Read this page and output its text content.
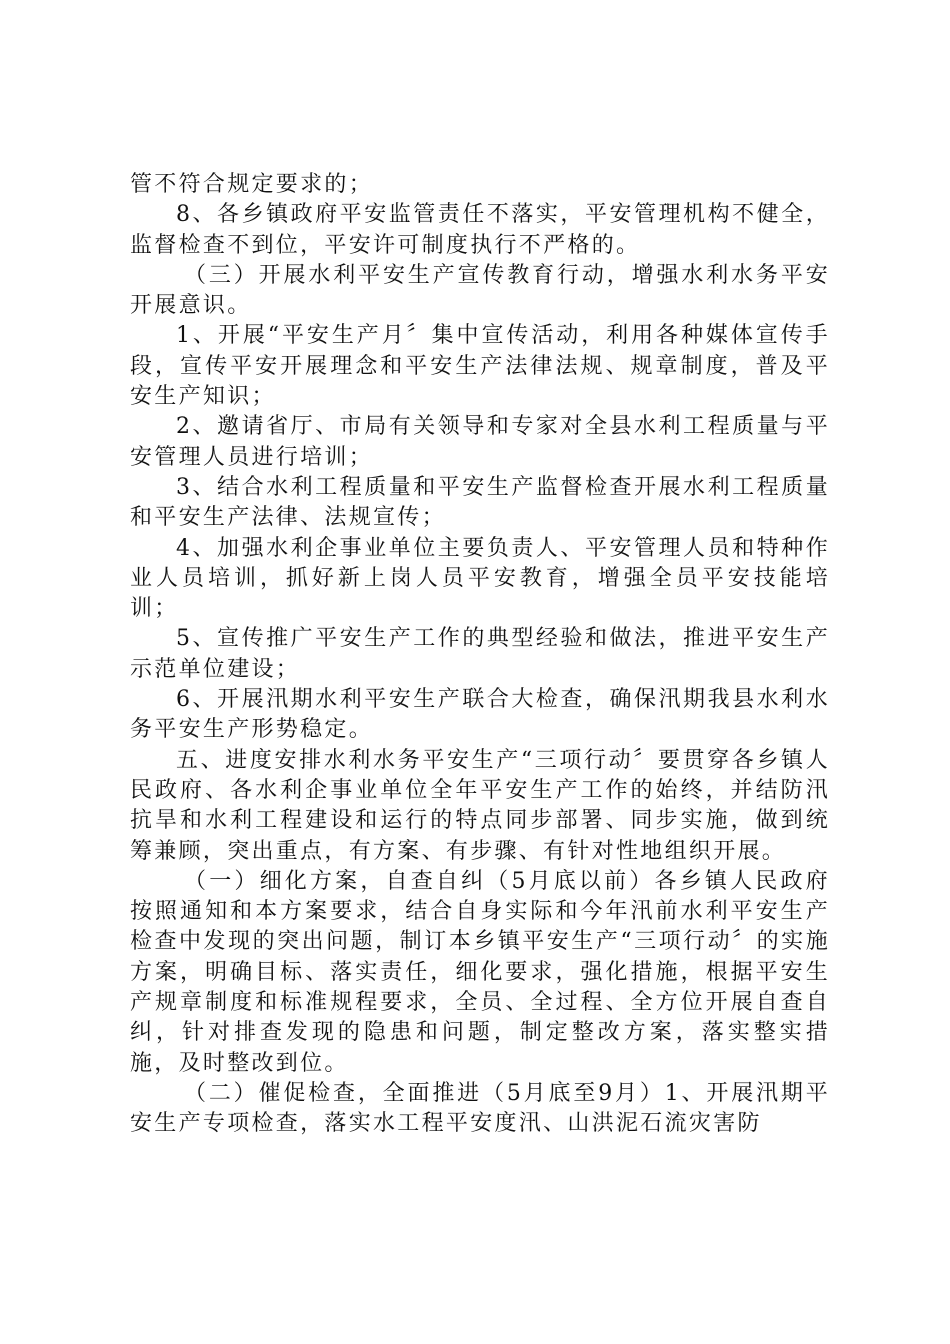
管不符合规定要求的；

8、各乡镇政府平安监管责任不落实，平安管理机构不健全，监督检查不到位，平安许可制度执行不严格的。

（三）开展水利平安生产宣传教育行动，增强水利水务平安开展意识。

1、开展“平安生产月〞集中宣传活动，利用各种媒体宣传手段，宣传平安开展理念和平安生产法律法规、规章制度，普及平安生产知识；

2、邀请省厅、市局有关领导和专家对全县水利工程质量与平安管理人员进行培训；

3、结合水利工程质量和平安生产监督检查开展水利工程质量和平安生产法律、法规宣传；

4、加强水利企事业单位主要负责人、平安管理人员和特种作业人员培训，抓好新上岗人员平安教育，增强全员平安技能培训；

5、宣传推广平安生产工作的典型经验和做法，推进平安生产示范单位建设；

6、开展汛期水利平安生产联合大检查，确保汛期我县水利水务平安生产形势稳定。

五、进度安排水利水务平安生产“三项行动〞要贯穿各乡镇人民政府、各水利企事业单位全年平安生产工作的始终，并结防汛抗旱和水利工程建设和运行的特点同步部署、同步实施，做到统筹兼顾，突出重点，有方案、有步骤、有针对性地组织开展。

（一）细化方案，自查自纠（5月底以前）各乡镇人民政府按照通知和本方案要求，结合自身实际和今年汛前水利平安生产检查中发现的突出问题，制订本乡镇平安生产“三项行动〞的实施方案，明确目标、落实责任，细化要求，强化措施，根据平安生产规章制度和标准规程要求，全员、全过程、全方位开展自查自纠，针对排查发现的隐患和问题，制定整改方案，落实整实措施，及时整改到位。

（二）催促检查，全面推进（5月底至9月）1、开展汛期平安生产专项检查，落实水工程平安度汛、山洪泥石流灾害防
